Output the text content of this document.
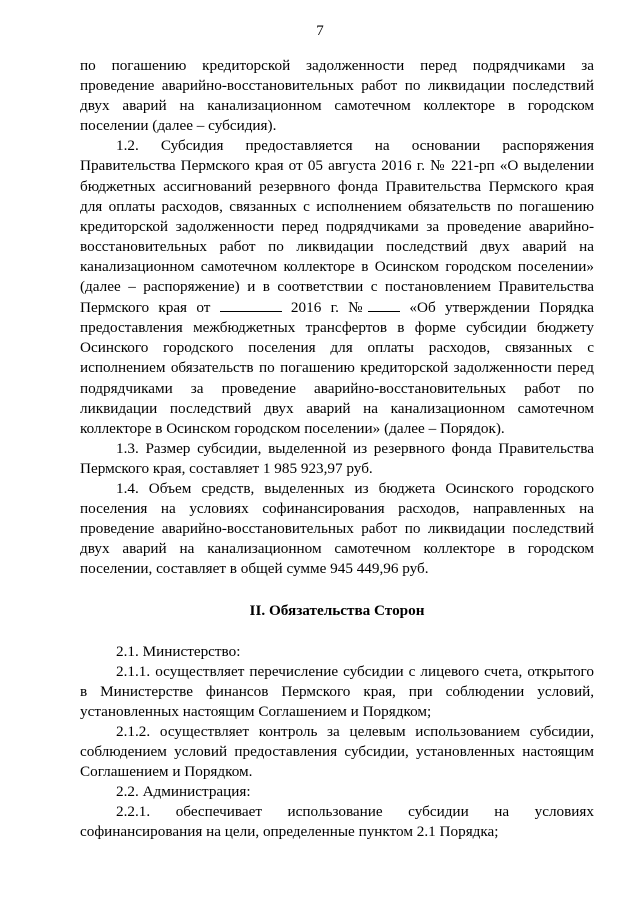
7

по погашению кредиторской задолженности перед подрядчиками за проведение аварийно-восстановительных работ по ликвидации последствий двух аварий на канализационном самотечном коллекторе в городском поселении (далее – субсидия).

1.2. Субсидия предоставляется на основании распоряжения Правительства Пермского края от 05 августа 2016 г. № 221-рп «О выделении бюджетных ассигнований резервного фонда Правительства Пермского края для оплаты расходов, связанных с исполнением обязательств по погашению кредиторской задолженности перед подрядчиками за проведение аварийно-восстановительных работ по ликвидации последствий двух аварий на канализационном самотечном коллекторе в Осинском городском поселении» (далее – распоряжение) и в соответствии с постановлением Правительства Пермского края от	2016 г. №	«Об утверждении Порядка предоставления межбюджетных трансфертов в форме субсидии бюджету Осинского городского поселения для оплаты расходов, связанных с исполнением обязательств по погашению кредиторской задолженности перед подрядчиками за проведение аварийно-восстановительных работ по ликвидации последствий двух аварий на канализационном самотечном коллекторе в Осинском городском поселении» (далее – Порядок).

1.3. Размер субсидии, выделенной из резервного фонда Правительства Пермского края, составляет 1 985 923,97 руб.

1.4. Объем средств, выделенных из бюджета Осинского городского поселения на условиях софинансирования расходов, направленных на проведение аварийно-восстановительных работ по ликвидации последствий двух аварий на канализационном самотечном коллекторе в городском поселении, составляет в общей сумме 945 449,96 руб.

II. Обязательства Сторон

2.1. Министерство:

2.1.1. осуществляет перечисление субсидии с лицевого счета, открытого в Министерстве финансов Пермского края, при соблюдении условий, установленных настоящим Соглашением и Порядком;

2.1.2. осуществляет контроль за целевым использованием субсидии, соблюдением условий предоставления субсидии, установленных настоящим Соглашением и Порядком.

2.2. Администрация:

2.2.1. обеспечивает использование субсидии на условиях софинансирования на цели, определенные пунктом 2.1 Порядка;
